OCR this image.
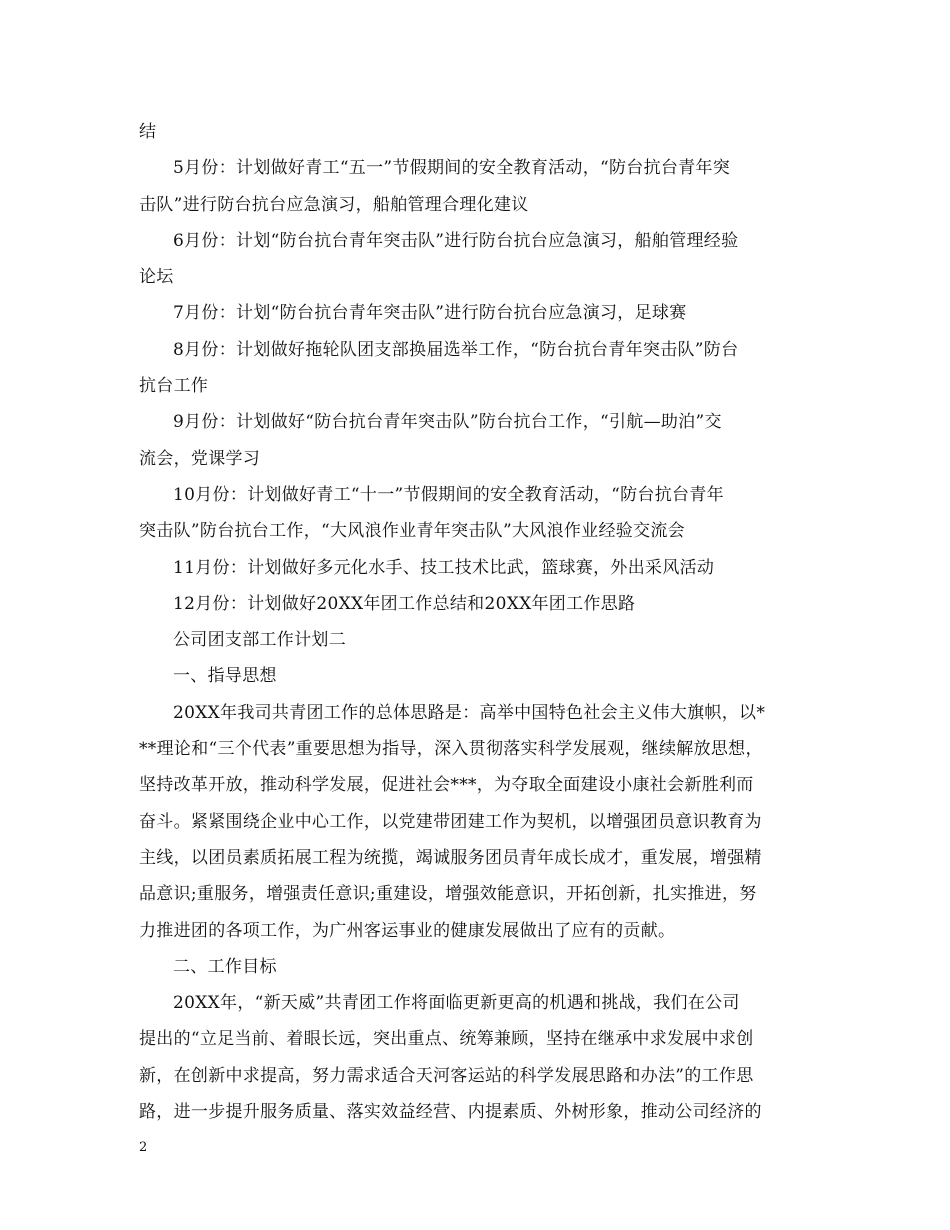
结
5月份：计划做好青工“五一”节假期间的安全教育活动，“防台抗台青年突
击队”进行防台抗台应急演习，船舶管理合理化建议
6月份：计划“防台抗台青年突击队”进行防台抗台应急演习，船舶管理经验
论坛
7月份：计划“防台抗台青年突击队”进行防台抗台应急演习，足球赛
8月份：计划做好拖轮队团支部换届选举工作，“防台抗台青年突击队”防台
抗台工作
9月份：计划做好“防台抗台青年突击队”防台抗台工作，“引航—助泊”交
流会，党课学习
10月份：计划做好青工“十一”节假期间的安全教育活动，“防台抗台青年
突击队”防台抗台工作，“大风浪作业青年突击队”大风浪作业经验交流会
11月份：计划做好多元化水手、技工技术比武，篮球赛，外出采风活动
12月份：计划做好20XX年团工作总结和20XX年团工作思路
公司团支部工作计划二
一、指导思想
20XX年我司共青团工作的总体思路是：高举中国特色社会主义伟大旗帜，以*
**理论和“三个代表”重要思想为指导，深入贯彻落实科学发展观，继续解放思想，
坚持改革开放，推动科学发展，促进社会***，为夺取全面建设小康社会新胜利而
奋斗。紧紧围绕企业中心工作，以党建带团建工作为契机，以增强团员意识教育为
主线，以团员素质拓展工程为统揽，竭诚服务团员青年成长成才，重发展，增强精
品意识;重服务，增强责任意识;重建设，增强效能意识，开拓创新，扎实推进，努
力推进团的各项工作，为广州客运事业的健康发展做出了应有的贡献。
二、工作目标
20XX年，“新天威”共青团工作将面临更新更高的机遇和挑战，我们在公司
提出的“立足当前、着眼长远，突出重点、统筹兼顾，坚持在继承中求发展中求创
新，在创新中求提高，努力需求适合天河客运站的科学发展思路和办法”的工作思
路，进一步提升服务质量、落实效益经营、内提素质、外树形象，推动公司经济的
2
